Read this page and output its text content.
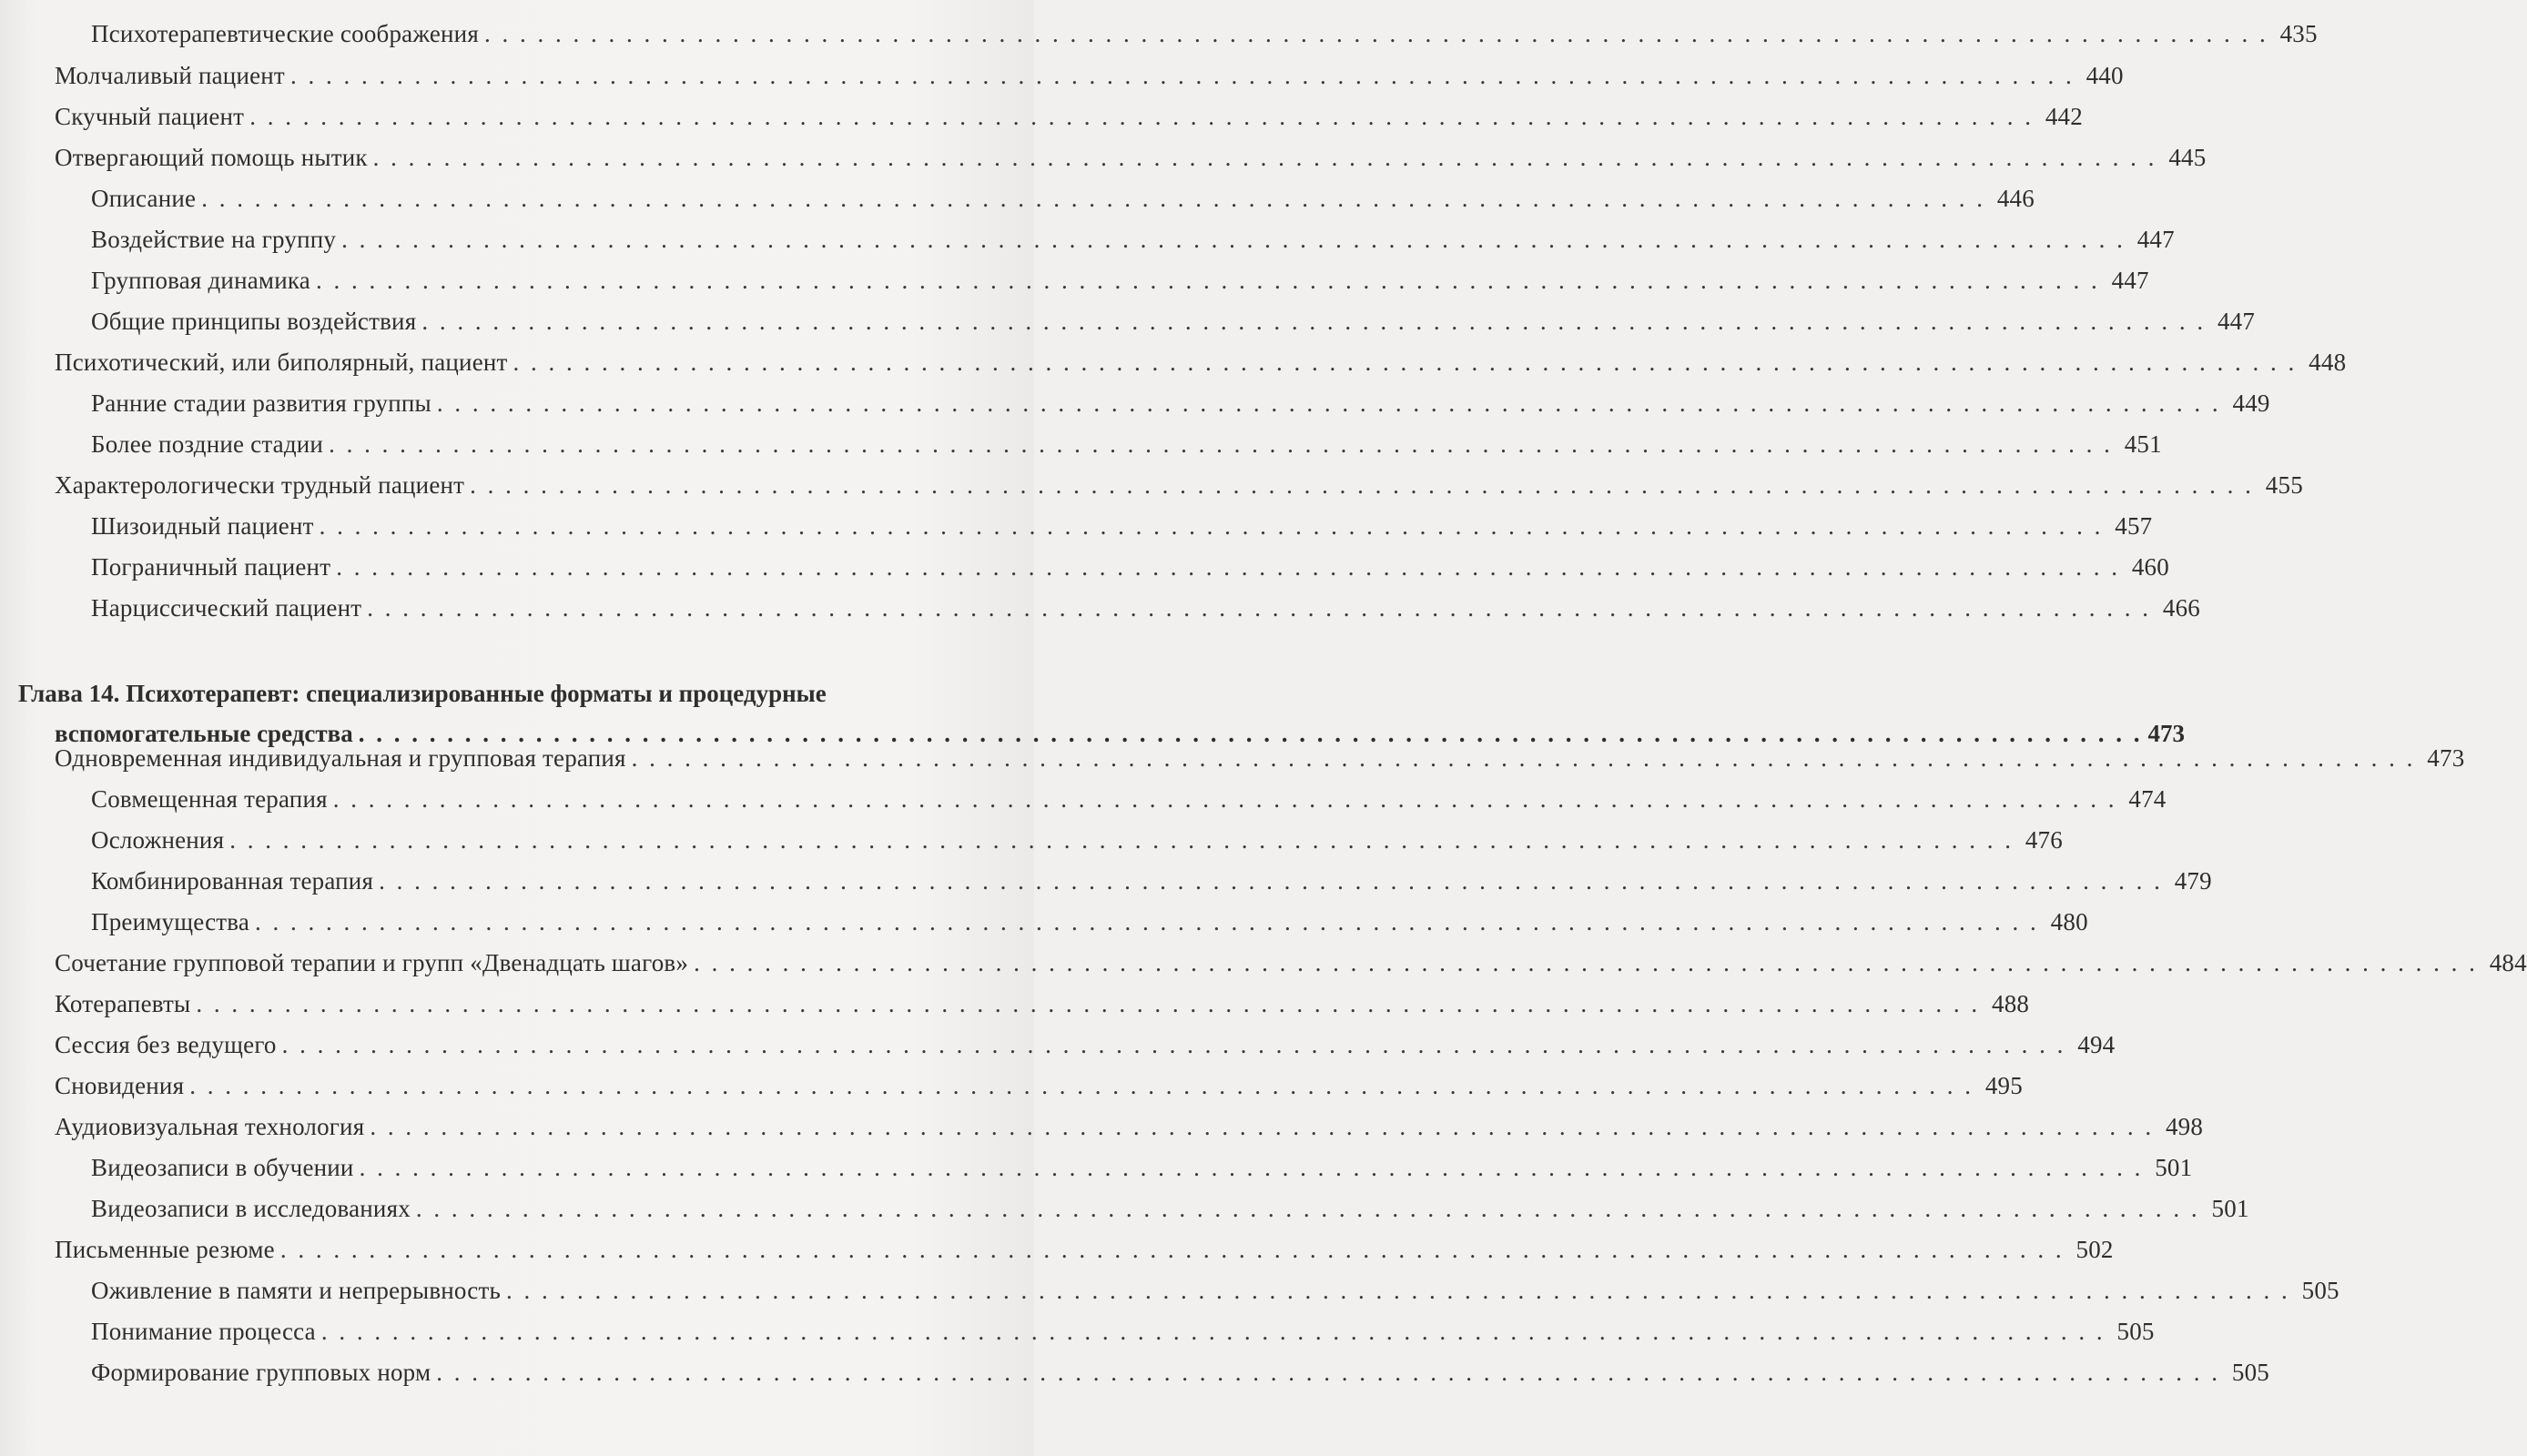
Психотерапевтические соображения . . . . . . . . . . . . . . . . . . . . . . . . . . . . . . . . . . . . . . . . . . . . . . . . . . . . . . . . . . . . . . . . . . . . . . . . . . . . . . . . . . . . . . . . . . . . . . . . . . . . . 435
Молчаливый пациент . . . . . . . . . . . . . . . . . . . . . . . . . . . . . . . . . . . . . . . . . . . . . . . . . . . . . . . . . . . . . . . . . . . . . . . . . . . . . . . . . . . . . . . . . . . . . . . . . . . . . 440
Скучный пациент . . . . . . . . . . . . . . . . . . . . . . . . . . . . . . . . . . . . . . . . . . . . . . . . . . . . . . . . . . . . . . . . . . . . . . . . . . . . . . . . . . . . . . . . . . . . . . . . . . . . . 442
Отвергающий помощь нытик . . . . . . . . . . . . . . . . . . . . . . . . . . . . . . . . . . . . . . . . . . . . . . . . . . . . . . . . . . . . . . . . . . . . . . . . . . . . . . . . . . . . . . . . . . . . . . . . . . . . . 445
Описание . . . . . . . . . . . . . . . . . . . . . . . . . . . . . . . . . . . . . . . . . . . . . . . . . . . . . . . . . . . . . . . . . . . . . . . . . . . . . . . . . . . . . . . . . . . . . . . . . . . . . 446
Воздействие на группу . . . . . . . . . . . . . . . . . . . . . . . . . . . . . . . . . . . . . . . . . . . . . . . . . . . . . . . . . . . . . . . . . . . . . . . . . . . . . . . . . . . . . . . . . . . . . . . . . . . . . 447
Групповая динамика . . . . . . . . . . . . . . . . . . . . . . . . . . . . . . . . . . . . . . . . . . . . . . . . . . . . . . . . . . . . . . . . . . . . . . . . . . . . . . . . . . . . . . . . . . . . . . . . . . . . . 447
Общие принципы воздействия . . . . . . . . . . . . . . . . . . . . . . . . . . . . . . . . . . . . . . . . . . . . . . . . . . . . . . . . . . . . . . . . . . . . . . . . . . . . . . . . . . . . . . . . . . . . . . . . . . . . . 447
Психотический, или биполярный, пациент . . . . . . . . . . . . . . . . . . . . . . . . . . . . . . . . . . . . . . . . . . . . . . . . . . . . . . . . . . . . . . . . . . . . . . . . . . . . . . . . . . . . . . . . . . . . . . . . . . . . . 448
Ранние стадии развития группы . . . . . . . . . . . . . . . . . . . . . . . . . . . . . . . . . . . . . . . . . . . . . . . . . . . . . . . . . . . . . . . . . . . . . . . . . . . . . . . . . . . . . . . . . . . . . . . . . . . . . 449
Более поздние стадии . . . . . . . . . . . . . . . . . . . . . . . . . . . . . . . . . . . . . . . . . . . . . . . . . . . . . . . . . . . . . . . . . . . . . . . . . . . . . . . . . . . . . . . . . . . . . . . . . . . . . 451
Характерологически трудный пациент . . . . . . . . . . . . . . . . . . . . . . . . . . . . . . . . . . . . . . . . . . . . . . . . . . . . . . . . . . . . . . . . . . . . . . . . . . . . . . . . . . . . . . . . . . . . . . . . . . . . . 455
Шизоидный пациент . . . . . . . . . . . . . . . . . . . . . . . . . . . . . . . . . . . . . . . . . . . . . . . . . . . . . . . . . . . . . . . . . . . . . . . . . . . . . . . . . . . . . . . . . . . . . . . . . . . . . 457
Пограничный пациент . . . . . . . . . . . . . . . . . . . . . . . . . . . . . . . . . . . . . . . . . . . . . . . . . . . . . . . . . . . . . . . . . . . . . . . . . . . . . . . . . . . . . . . . . . . . . . . . . . . . . 460
Нарциссический пациент . . . . . . . . . . . . . . . . . . . . . . . . . . . . . . . . . . . . . . . . . . . . . . . . . . . . . . . . . . . . . . . . . . . . . . . . . . . . . . . . . . . . . . . . . . . . . . . . . . . . . 466
Глава 14. Психотерапевт: специализированные форматы и процедурные
вспомогательные средства . . . . . . . . . . . . . . . . . . . . . . . . . . . . . . . . . . . . . . . . . . . . . . . . . . . . . . . . . . . . . . . . . . . . . . . . . . . . . . . . . . . . . . . . . . . . . . . . . . . . . 473
Одновременная индивидуальная и групповая терапия . . . . . . . . . . . . . . . . . . . . . . . . . . . . . . . . . . . . . . . . . . . . . . . . . . . . . . . . . . . . . . . . . . . . . . . . . . . . . . . . . . . . . . . . . . . . . . . . . . . . . 473
Совмещенная терапия . . . . . . . . . . . . . . . . . . . . . . . . . . . . . . . . . . . . . . . . . . . . . . . . . . . . . . . . . . . . . . . . . . . . . . . . . . . . . . . . . . . . . . . . . . . . . . . . . . . . . 474
Осложнения . . . . . . . . . . . . . . . . . . . . . . . . . . . . . . . . . . . . . . . . . . . . . . . . . . . . . . . . . . . . . . . . . . . . . . . . . . . . . . . . . . . . . . . . . . . . . . . . . . . . . 476
Комбинированная терапия . . . . . . . . . . . . . . . . . . . . . . . . . . . . . . . . . . . . . . . . . . . . . . . . . . . . . . . . . . . . . . . . . . . . . . . . . . . . . . . . . . . . . . . . . . . . . . . . . . . . . 479
Преимущества . . . . . . . . . . . . . . . . . . . . . . . . . . . . . . . . . . . . . . . . . . . . . . . . . . . . . . . . . . . . . . . . . . . . . . . . . . . . . . . . . . . . . . . . . . . . . . . . . . . . . 480
Сочетание групповой терапии и групп «Двенадцать шагов» . . . . . . . . . . . . . . . . . . . . . . . . . . . . . . . . . . . . . . . . . . . . . . . . . . . . . . . . . . . . . . . . . . . . . . . . . . . . . . . . . . . . . . . . . . . . . . . . . . . . . 484
Котерапевты . . . . . . . . . . . . . . . . . . . . . . . . . . . . . . . . . . . . . . . . . . . . . . . . . . . . . . . . . . . . . . . . . . . . . . . . . . . . . . . . . . . . . . . . . . . . . . . . . . . . . 488
Сессия без ведущего . . . . . . . . . . . . . . . . . . . . . . . . . . . . . . . . . . . . . . . . . . . . . . . . . . . . . . . . . . . . . . . . . . . . . . . . . . . . . . . . . . . . . . . . . . . . . . . . . . . . . 494
Сновидения . . . . . . . . . . . . . . . . . . . . . . . . . . . . . . . . . . . . . . . . . . . . . . . . . . . . . . . . . . . . . . . . . . . . . . . . . . . . . . . . . . . . . . . . . . . . . . . . . . . . . 495
Аудиовизуальная технология . . . . . . . . . . . . . . . . . . . . . . . . . . . . . . . . . . . . . . . . . . . . . . . . . . . . . . . . . . . . . . . . . . . . . . . . . . . . . . . . . . . . . . . . . . . . . . . . . . . . . 498
Видеозаписи в обучении . . . . . . . . . . . . . . . . . . . . . . . . . . . . . . . . . . . . . . . . . . . . . . . . . . . . . . . . . . . . . . . . . . . . . . . . . . . . . . . . . . . . . . . . . . . . . . . . . . . . . 501
Видеозаписи в исследованиях . . . . . . . . . . . . . . . . . . . . . . . . . . . . . . . . . . . . . . . . . . . . . . . . . . . . . . . . . . . . . . . . . . . . . . . . . . . . . . . . . . . . . . . . . . . . . . . . . . . . . 501
Письменные резюме . . . . . . . . . . . . . . . . . . . . . . . . . . . . . . . . . . . . . . . . . . . . . . . . . . . . . . . . . . . . . . . . . . . . . . . . . . . . . . . . . . . . . . . . . . . . . . . . . . . . . 502
Оживление в памяти и непрерывность . . . . . . . . . . . . . . . . . . . . . . . . . . . . . . . . . . . . . . . . . . . . . . . . . . . . . . . . . . . . . . . . . . . . . . . . . . . . . . . . . . . . . . . . . . . . . . . . . . . . . 505
Понимание процесса . . . . . . . . . . . . . . . . . . . . . . . . . . . . . . . . . . . . . . . . . . . . . . . . . . . . . . . . . . . . . . . . . . . . . . . . . . . . . . . . . . . . . . . . . . . . . . . . . . . . . 505
Формирование групповых норм . . . . . . . . . . . . . . . . . . . . . . . . . . . . . . . . . . . . . . . . . . . . . . . . . . . . . . . . . . . . . . . . . . . . . . . . . . . . . . . . . . . . . . . . . . . . . . . . . . . . . 505
